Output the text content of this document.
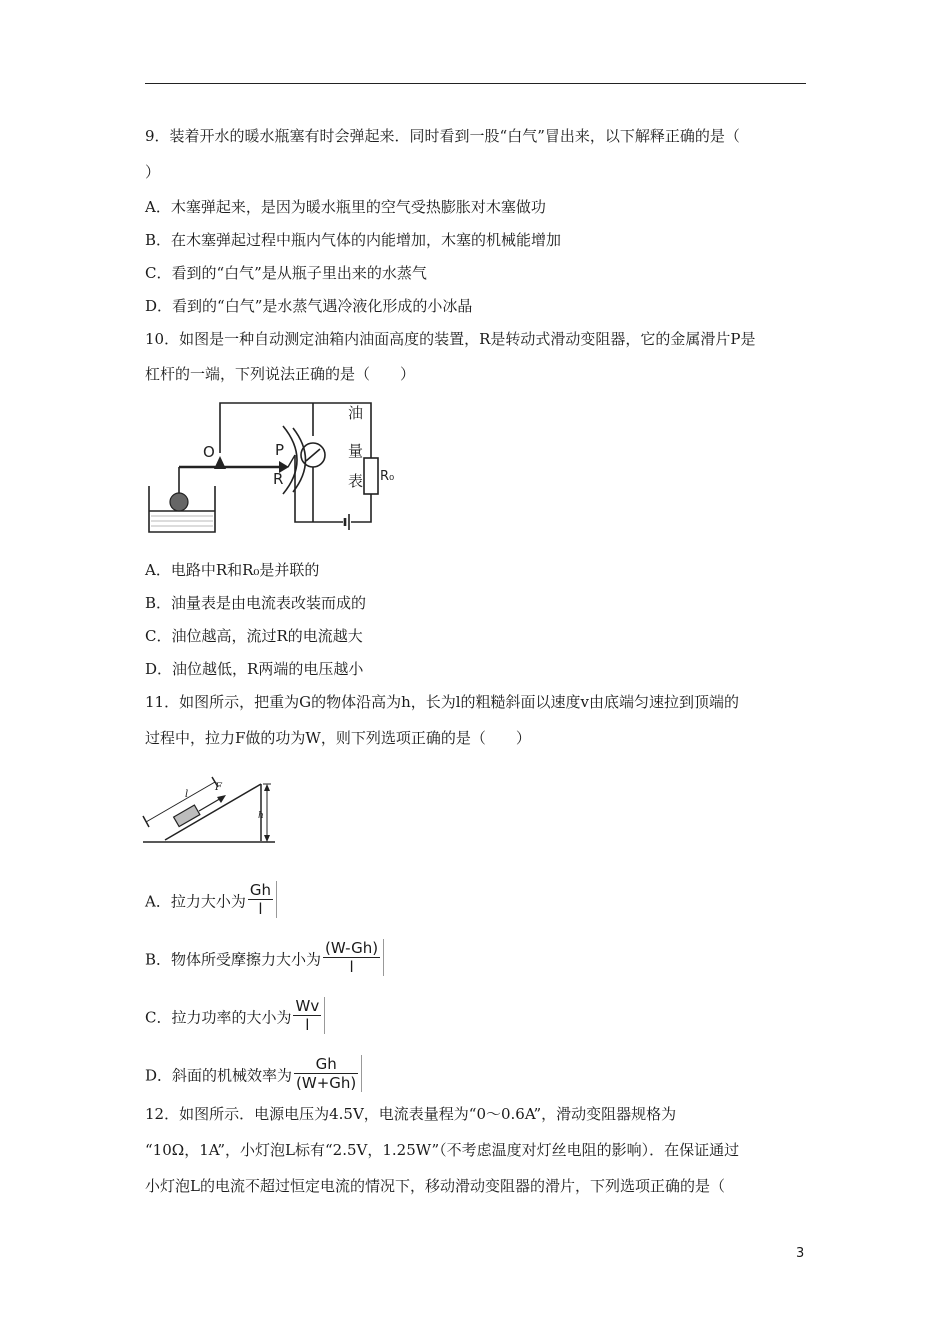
9．装着开水的暖水瓶塞有时会弹起来．同时看到一股“白气”冒出来，以下解释正确的是（
）
A．木塞弹起来，是因为暖水瓶里的空气受热膨胀对木塞做功
B．在木塞弹起过程中瓶内气体的内能增加，木塞的机械能增加
C．看到的“白气”是从瓶子里出来的水蒸气
D．看到的“白气”是水蒸气遇冷液化形成的小冰晶
10．如图是一种自动测定油箱内油面高度的装置，R是转动式滑动变阻器，它的金属滑片P是
杠杆的一端，下列说法正确的是（　　）
O	P
R
油
量
表 R₀
A．电路中R和R₀是并联的
B．油量表是由电流表改装而成的
C．油位越高，流过R的电流越大
D．油位越低，R两端的电压越小
11．如图所示，把重为G的物体沿高为h，长为l的粗糙斜面以速度v由底端匀速拉到顶端的
过程中，拉力F做的功为W，则下列选项正确的是（　　）
l
F
h
A．拉力大小为 $\frac{Gh}{l}$
B．物体所受摩擦力大小为 $\frac{(W-Gh)}{l}$
C．拉力功率的大小为 $\frac{Wv}{l}$
D．斜面的机械效率为 $\frac{Gh}{(W+Gh)}$
12．如图所示．电源电压为4.5V，电流表量程为“0～0.6A”，滑动变阻器规格为
“10Ω，1A”，小灯泡L标有“2.5V，1.25W”（不考虑温度对灯丝电阻的影响）．在保证通过
小灯泡L的电流不超过恒定电流的情况下，移动滑动变阻器的滑片，下列选项正确的是（
3
